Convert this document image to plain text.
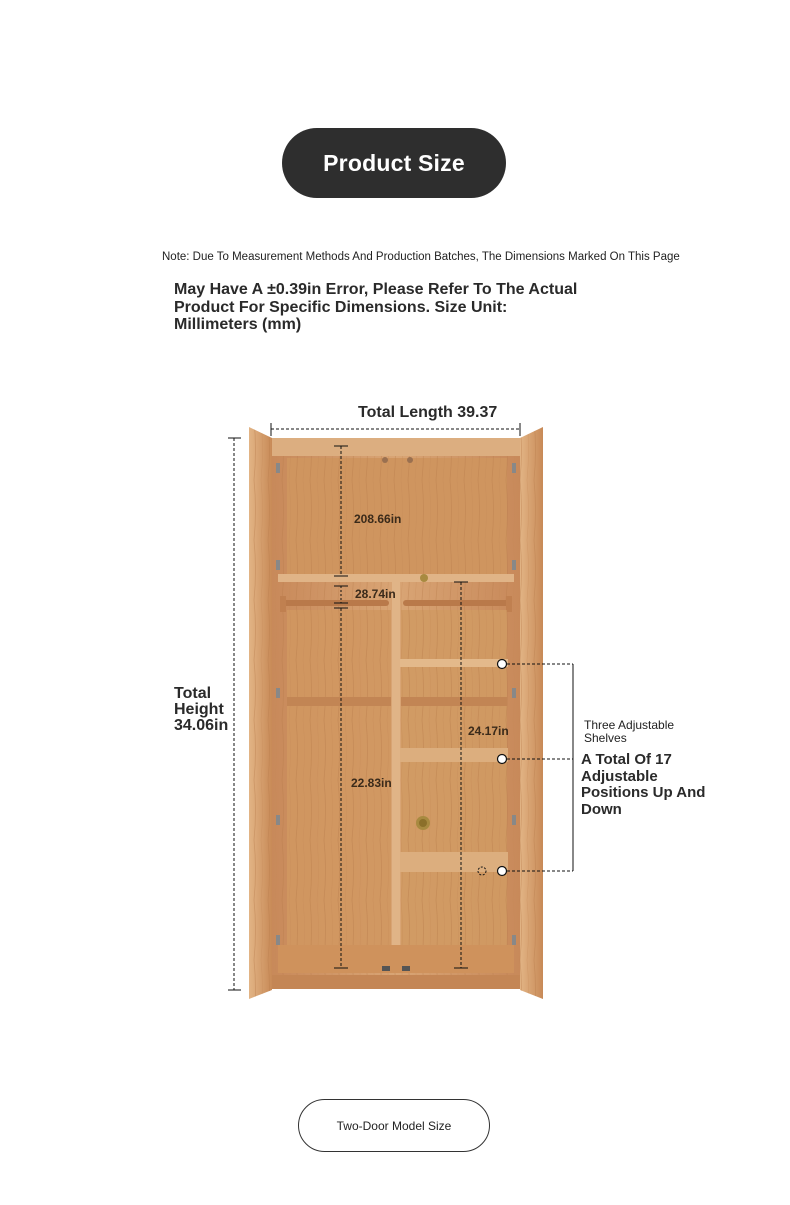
Product Size
Note: Due To Measurement Methods And Production Batches, The Dimensions Marked On This Page
May Have A ±0.39in Error, Please Refer To The Actual Product For Specific Dimensions. Size Unit: Millimeters (mm)
Total Length 39.37
Total Height 34.06in
208.66in
28.74in
22.83in
24.17in	Three Adjustable Shelves
A Total Of 17 Adjustable Positions Up And Down
Two-Door Model Size
